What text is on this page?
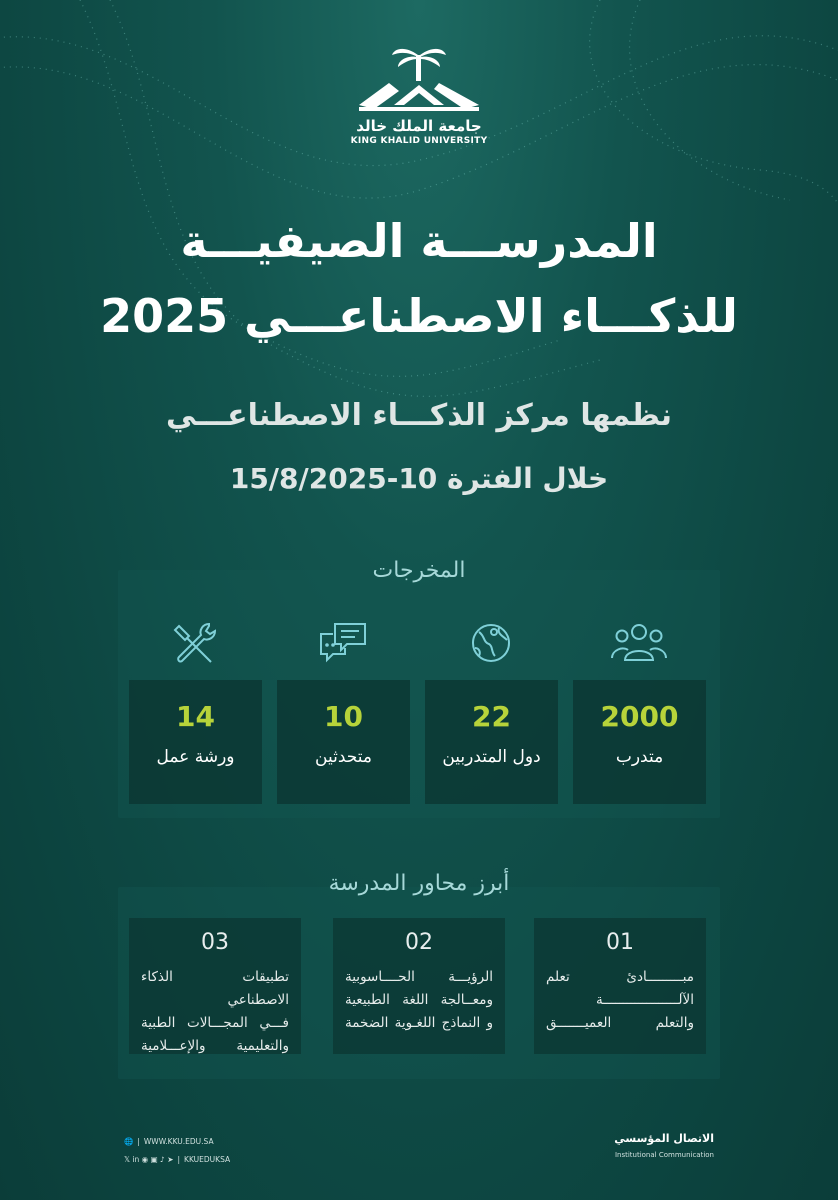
جامعة الملك خالد
KING KHALID UNIVERSITY
المدرســـة الصيفيـــة
للذكـــاء الاصطناعـــي 2025
نظمها مركز الذكـــاء الاصطناعـــي
خلال الفترة 10-15/8/2025
المخرجات
2000
متدرب
22
دول المتدربين
10
متحدثين
14
ورشة عمل
أبرز محاور المدرسة
01
مبـــــــــادئ تعلم
الآلـــــــــــــــــــة
والتعلم العميـــــــق
02
الرؤيـــة الحــــاسوبية
ومعــالجة اللغة الطبيعية
و النماذج اللغـوية الضخمة
03
تطبيقات الذكاء الاصطناعي
فـــي المجـــالات الطبية
والتعليمية والإعـــلامية
🌐 | WWW.KKU.EDU.SA
𝕏 in ◉ ▣ ♪ ➤ | KKUEDUKSA
الاتصال المؤسسي
Institutional Communication
